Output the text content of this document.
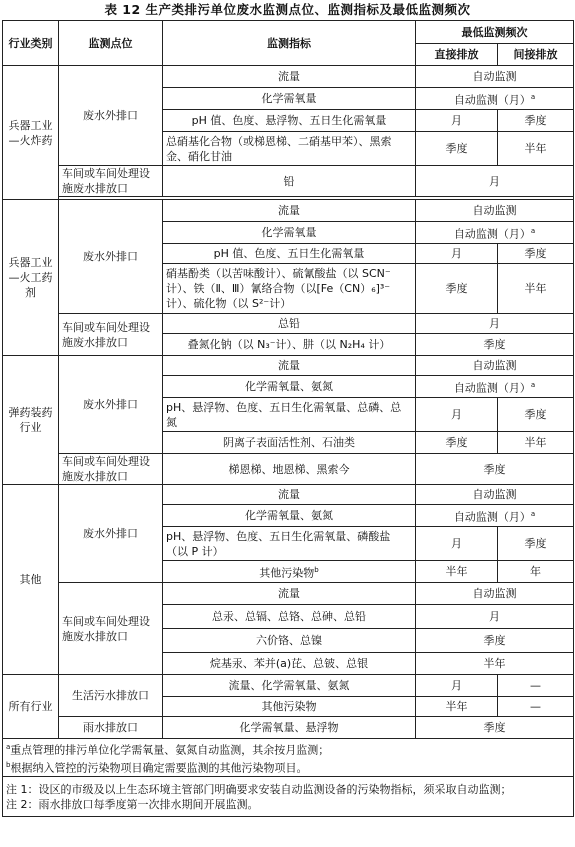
表 12 生产类排污单位废水监测点位、监测指标及最低监测频次
行业类别	监测点位	监测指标	最低监测频次	
			直接排放	间接排放
兵器工业—火炸药	废水外排口	流量	自动监测	
		化学需氧量	自动监测（月）$^a$
		pH 值、色度、悬浮物、五日生化需氧量	月	季度
		总硝基化合物（或梯恩梯、二硝基甲苯）、黑索金、硝化甘油	季度	半年
	车间或车间处理设施废水排放口	铅	月	

兵器工业—火工药剂	废水外排口	流量	自动监测	
		化学需氧量	自动监测（月）$^a$
		pH 值、色度、五日生化需氧量	月	季度
		硝基酚类（以苦味酸计）、硫氰酸盐（以 SCN⁻计）、铁（Ⅱ、Ⅲ）氰络合物（以[Fe（CN）₆]³⁻计）、硫化物（以 S²⁻计）	季度	半年
	车间或车间处理设施废水排放口	总铅	月	
		叠氮化钠（以 N₃⁻计）、肼（以 N₂H₄ 计）	季度	
弹药装药行业	废水外排口	流量	自动监测	
		化学需氧量、氨氮	自动监测（月）$^a$
		pH、悬浮物、色度、五日生化需氧量、总磷、总氮	月	季度
		阴离子表面活性剂、石油类	季度	半年
	车间或车间处理设施废水排放口	梯恩梯、地恩梯、黑索今	季度	
其他	废水外排口	流量	自动监测	
		化学需氧量、氨氮	自动监测（月）$^a$
		pH、悬浮物、色度、五日生化需氧量、磷酸盐（以 P 计）	月	季度
		其他污染物$^b$	半年	年
	车间或车间处理设施废水排放口	流量	自动监测	
		总汞、总镉、总铬、总砷、总铅	月	
		六价铬、总镍	季度	
		烷基汞、苯并(a)芘、总铍、总银	半年	
所有行业	生活污水排放口	流量、化学需氧量、氨氮	月	—
		其他污染物	半年	—
	雨水排放口	化学需氧量、悬浮物	季度	

$^a$重点管理的排污单位化学需氧量、氨氮自动监测，其余按月监测；
$^b$根据纳入管控的污染物项目确定需要监测的其他污染物项目。				

注 1：设区的市级及以上生态环境主管部门明确要求安装自动监测设备的污染物指标，须采取自动监测；
注 2：雨水排放口每季度第一次排水期间开展监测。				
